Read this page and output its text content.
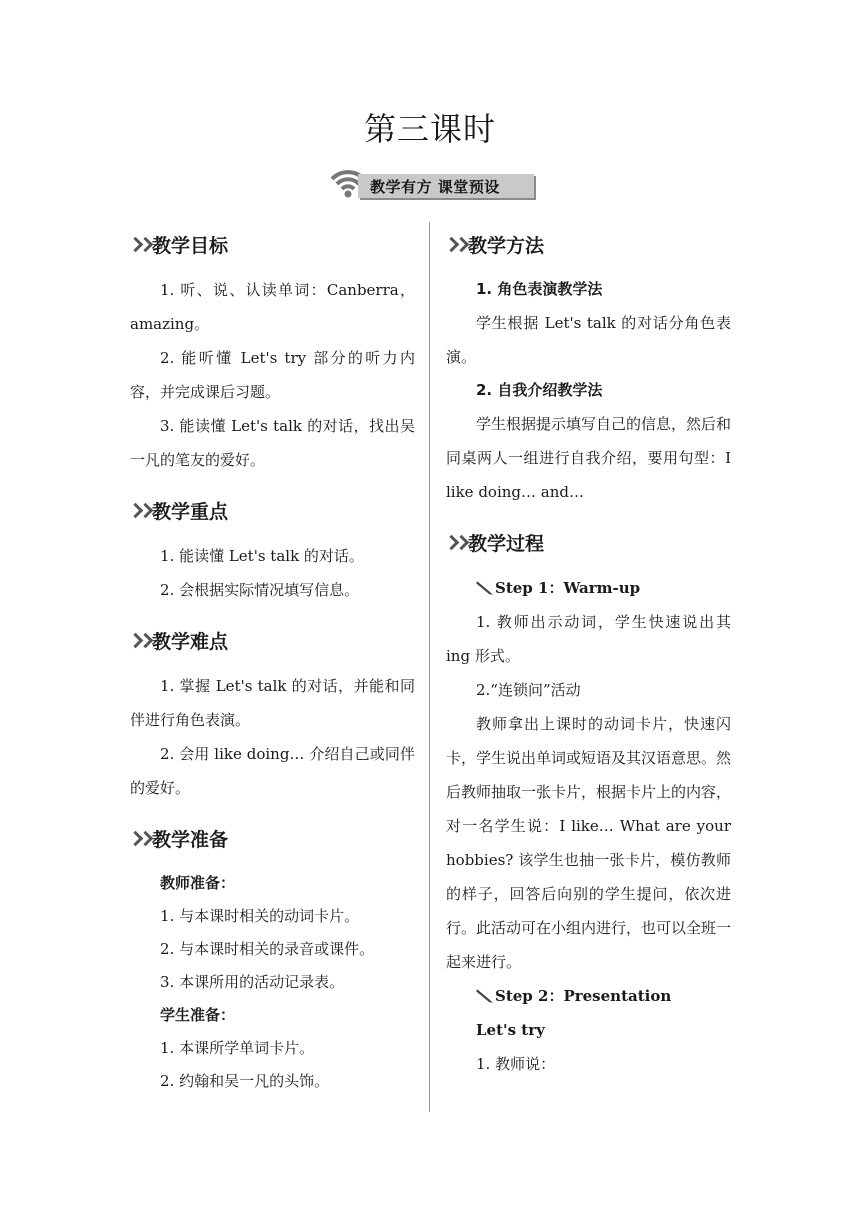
第三课时
教学有方 课堂预设
教学目标

1. 听、说、认读单词：Canberra，amazing。

2. 能听懂 Let's try 部分的听力内容，并完成课后习题。

3. 能读懂 Let's talk 的对话，找出吴一凡的笔友的爱好。

教学重点

1. 能读懂 Let's talk 的对话。

2. 会根据实际情况填写信息。

教学难点

1. 掌握 Let's talk 的对话，并能和同伴进行角色表演。

2. 会用 like doing… 介绍自己或同伴的爱好。

教学准备

教师准备：

1. 与本课时相关的动词卡片。

2. 与本课时相关的录音或课件。

3. 本课所用的活动记录表。

学生准备：

1. 本课所学单词卡片。

2. 约翰和吴一凡的头饰。

教学方法

1. 角色表演教学法

学生根据 Let's talk 的对话分角色表演。

2. 自我介绍教学法

学生根据提示填写自己的信息，然后和同桌两人一组进行自我介绍，要用句型：I like doing… and…

教学过程

Step 1：Warm-up

1. 教师出示动词，学生快速说出其 ing 形式。

2.“连锁问”活动

教师拿出上课时的动词卡片，快速闪卡，学生说出单词或短语及其汉语意思。然后教师抽取一张卡片，根据卡片上的内容，对一名学生说：I like… What are your hobbies? 该学生也抽一张卡片，模仿教师的样子，回答后向别的学生提问，依次进行。此活动可在小组内进行，也可以全班一起来进行。

Step 2：Presentation

Let's try

1. 教师说：
